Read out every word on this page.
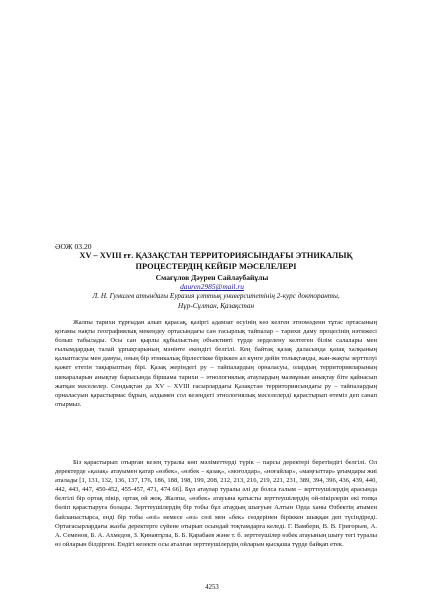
ӘОЖ 03.20
XV – XVIII ғғ. ҚАЗАҚСТАН ТЕРРИТОРИЯСЫНДАҒЫ ЭТНИКАЛЫҚ
ПРОЦЕСТЕРДІҢ КЕЙБІР МӘСЕЛЕЛЕРІ
Смағұлов Дәурен Сайлаубайұлы
dauren2985@mail.ru
Л. Н. Гумилев атындағы Еуразия ұлттық университетінің 2-курс докторанты,
Нұр-Сұлтан, Қазақстан

Жалпы тарихи тұрғыдан алып қарасақ, қазіргі адамзат өсуінің көз келген этномәдени тұтас ортасының қоғамы нақты географиялық мекендеу ортасындағы сан ғасырлық тайпалар – тарихи даму процесінің нәтижесі болып табылады. Осы сан қырлы құбылыстың объективті түрде зерделену келтеген білім салалары мен ғылымдардың талай ұрпақтарының мәнінте екендігі белгілі. Кең байтақ қазақ даласында қазақ халқының қалыптасуы мен дамуы, оның бір этникалық бірлестікке біріккен ал күнге дейін толықтанды, жан-жақты зерттелуі қажет ететін тақырыптың бірі. Қазақ жеріндегі ру – тайпалардың орналасуы, олардың территорияларының шекараларын анықтау барысында біршама тарихи – этнологиялық атаулардың мазмұнын анықтау біте қайнасып жатқан мәселелер. Сондықтан да XV – XVIII ғасырлардағы Қазақстан территориясындағы ру – тайпалардың орналасуын қарастырмас бұрын, алдымен сол кезеңдегі этнологиялық мәселелерді қарастырып өтеміз деп санап отырмыз.

Біз қарастырып отырған кезең туралы көп мәліметтерді түрік – парсы деректері беретіндігі белгілі. Ол деректерде «қазақ» атауымен қатар «өзбек», «өзбек – қазақ», «моғолдар», «ноғайлар», «маңғыттар» ұғымдары жиі аталады [1, 131, 132, 136, 137, 176, 186, 188, 198, 199, 208, 212, 213, 216, 219, 221, 231, 389, 394, 396, 436, 439, 440, 442, 443, 447, 450-452, 455-457, 471, 474 66]. Бұл атаулар туралы әлі де болса ғалым – зерттеушілердің арасында белгілі бір ортақ пікір, ортақ ой жоқ. Жалпы, «өзбек» атауына қатысты зерттеушілердің ой-пікірлерін екі топқа бөліп қарастыруға болады. Зерттеушілердің бір тобы бұл атаудың шығуын Алтын Орда ханы Өзбектің атымен байланыстырса, енді бір тобы «өзі» немесе «өз» сөзі мен «бек» сөздерінен біріккен шыққан деп түсіндіреді. Ортағасырлардағы жазба деректерге сүйене отырып осындай тоқтамдарға келеді. Г. Вамбери, В. В. Григорьев, А. А. Семенов, Б. А. Ахмедов, З. Қинаятұлы, Б. Б. Қарабаев және т. б. зерттеушілер өзбек атауының шығу тегі туралы өз ойларын білдірген. Ендігі кезекте осы аталған зерттеушілердің ойларын қысқаша түрде байқап етек.

4253
